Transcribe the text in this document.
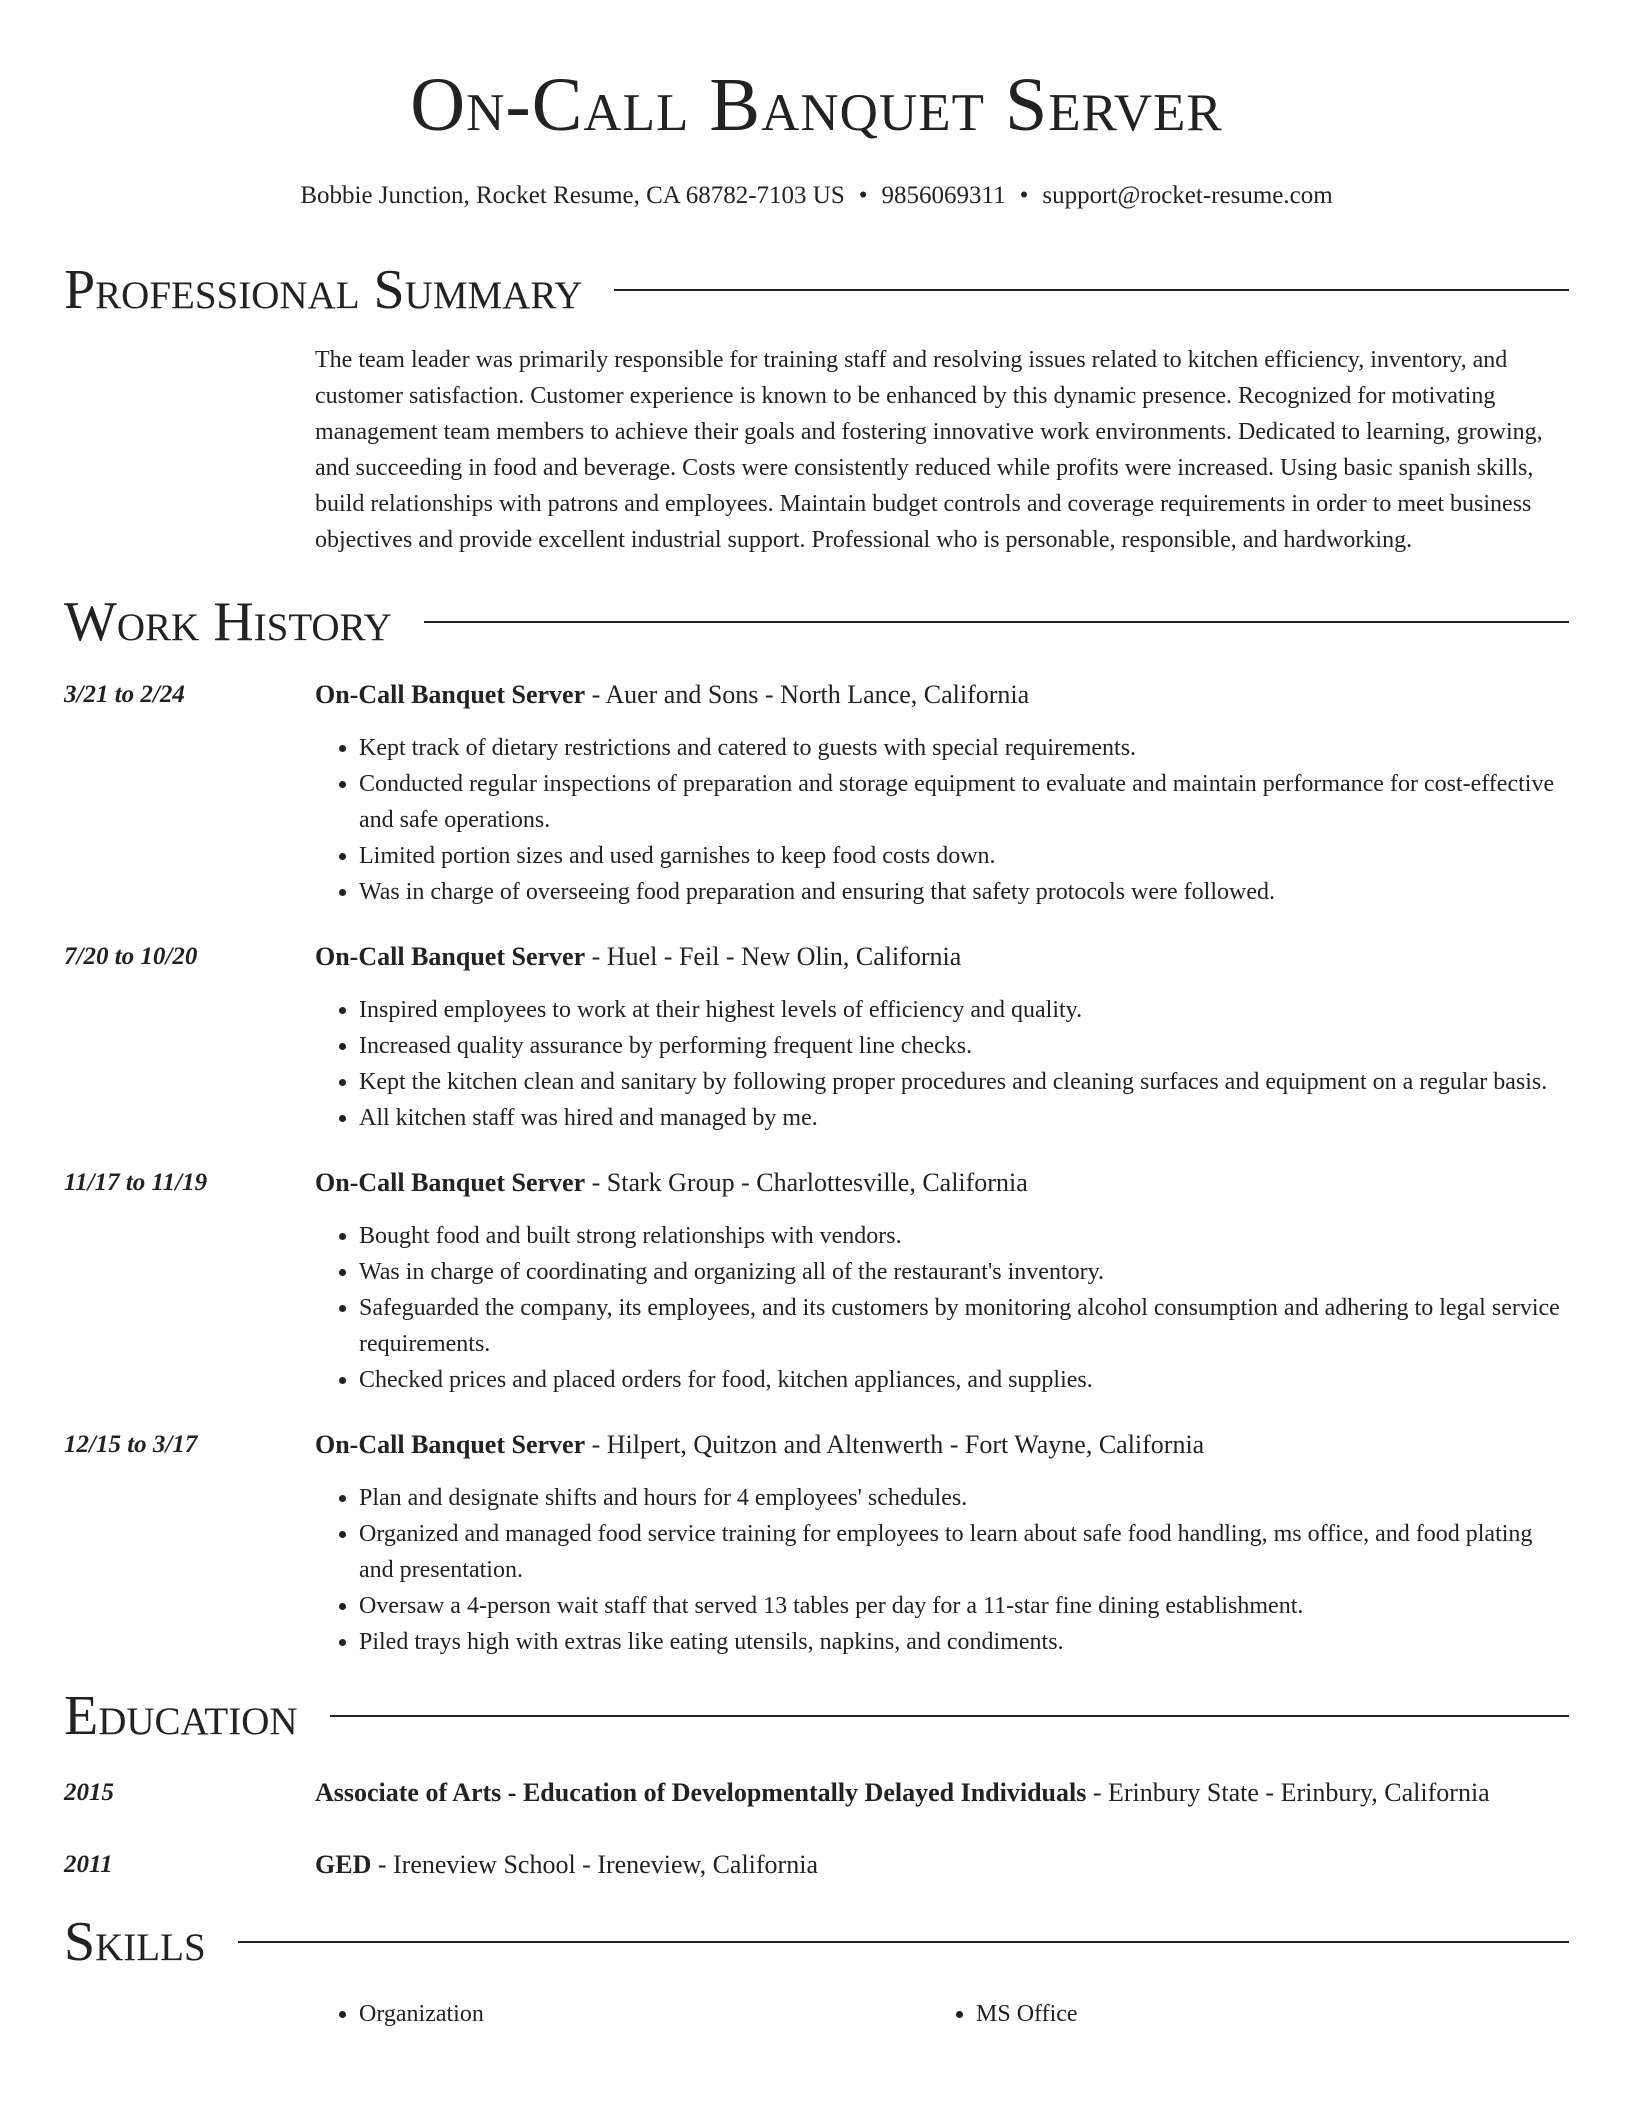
On-Call Banquet Server
Bobbie Junction, Rocket Resume, CA 68782-7103 US • 9856069311 • support@rocket-resume.com
Professional Summary
The team leader was primarily responsible for training staff and resolving issues related to kitchen efficiency, inventory, and customer satisfaction. Customer experience is known to be enhanced by this dynamic presence. Recognized for motivating management team members to achieve their goals and fostering innovative work environments. Dedicated to learning, growing, and succeeding in food and beverage. Costs were consistently reduced while profits were increased. Using basic spanish skills, build relationships with patrons and employees. Maintain budget controls and coverage requirements in order to meet business objectives and provide excellent industrial support. Professional who is personable, responsible, and hardworking.
Work History
3/21 to 2/24	On-Call Banquet Server - Auer and Sons - North Lance, California
• Kept track of dietary restrictions and catered to guests with special requirements.
• Conducted regular inspections of preparation and storage equipment to evaluate and maintain performance for cost-effective and safe operations.
• Limited portion sizes and used garnishes to keep food costs down.
• Was in charge of overseeing food preparation and ensuring that safety protocols were followed.
7/20 to 10/20	On-Call Banquet Server - Huel - Feil - New Olin, California
• Inspired employees to work at their highest levels of efficiency and quality.
• Increased quality assurance by performing frequent line checks.
• Kept the kitchen clean and sanitary by following proper procedures and cleaning surfaces and equipment on a regular basis.
• All kitchen staff was hired and managed by me.
11/17 to 11/19	On-Call Banquet Server - Stark Group - Charlottesville, California
• Bought food and built strong relationships with vendors.
• Was in charge of coordinating and organizing all of the restaurant's inventory.
• Safeguarded the company, its employees, and its customers by monitoring alcohol consumption and adhering to legal service requirements.
• Checked prices and placed orders for food, kitchen appliances, and supplies.
12/15 to 3/17	On-Call Banquet Server - Hilpert, Quitzon and Altenwerth - Fort Wayne, California
• Plan and designate shifts and hours for 4 employees' schedules.
• Organized and managed food service training for employees to learn about safe food handling, ms office, and food plating and presentation.
• Oversaw a 4-person wait staff that served 13 tables per day for a 11-star fine dining establishment.
• Piled trays high with extras like eating utensils, napkins, and condiments.
Education
2015	Associate of Arts - Education of Developmentally Delayed Individuals - Erinbury State - Erinbury, California
2011	GED - Ireneview School - Ireneview, California
Skills
• Organization
•	MS Office
